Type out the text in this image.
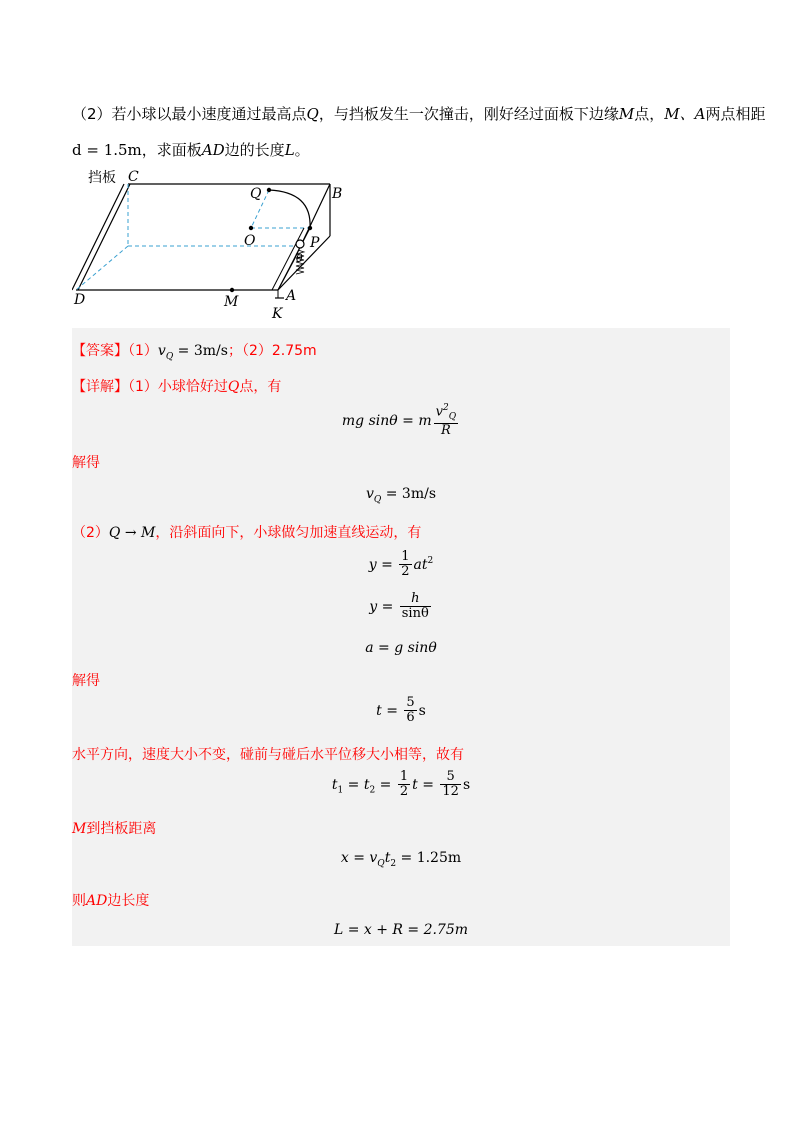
（2）若小球以最小速度通过最高点Q，与挡板发生一次撞击，刚好经过面板下边缘M点，M、A两点相距
d = 1.5m，求面板AD边的长度L。
挡板 C
B
Q
O	P
θ
D	M	A
K
【答案】$(1)v_Q = 3m/s$；（2）2.75m
【详解】（1）小球恰好过Q点，有
mg sinθ = m $\frac{v^2_Q}{R}$
解得
$v_Q = 3m/s$
（2）Q → M，沿斜面向下，小球做匀加速直线运动，有
$y = \frac{1}{2} at^2$
$y = \frac{h}{\sin\theta}$
a = g sinθ
解得
$t = \frac{5}{6}$ s
水平方向，速度大小不变，碰前与碰后水平位移大小相等，故有
$t_1 = t_2 = \frac{1}{2}$ $t = \frac{5}{12}$ s
M到挡板距离
$x = v_Qt_2 = 1.25m$
则AD边长度
L = x + R = 2.75m
